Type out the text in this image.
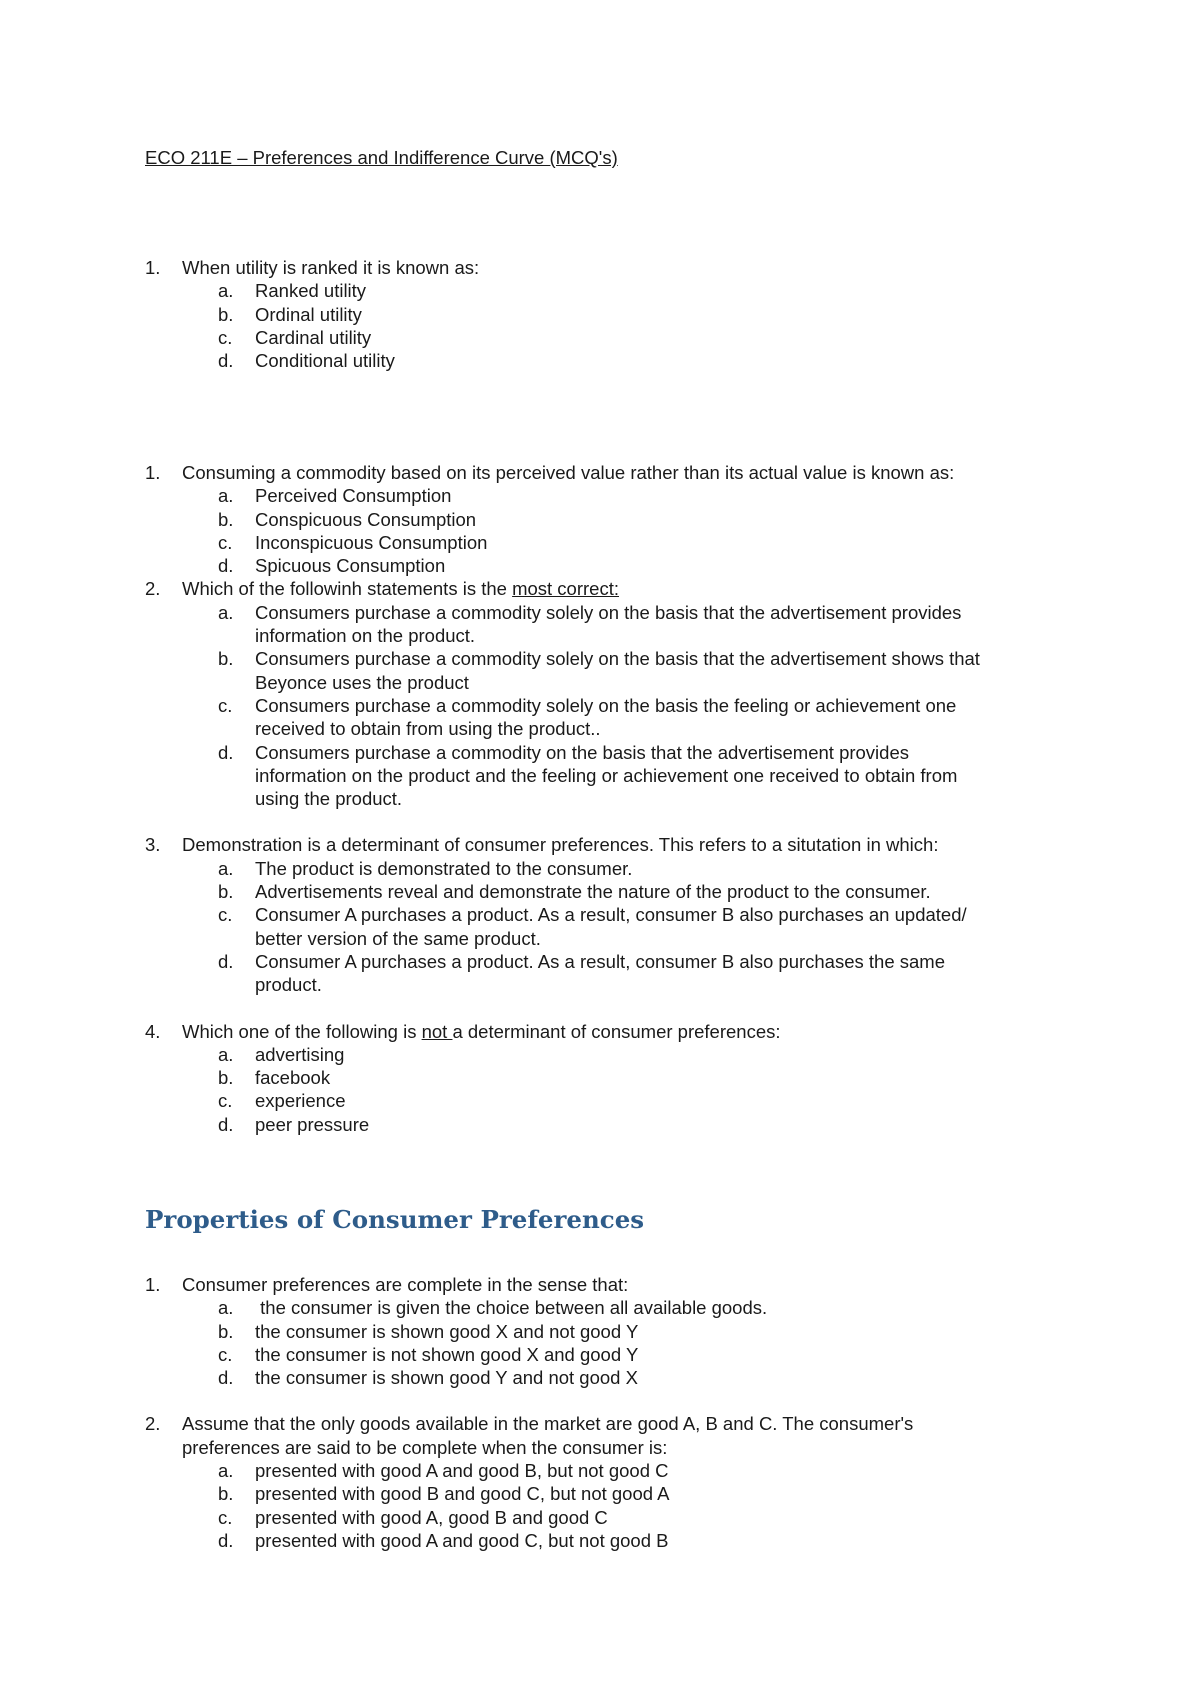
ECO 211E – Preferences and Indifference Curve (MCQ's)
1. When utility is ranked it is known as:
a. Ranked utility
b. Ordinal utility
c. Cardinal utility
d. Conditional utility
1. Consuming a commodity based on its perceived value rather than its actual value is known as:
a. Perceived Consumption
b. Conspicuous Consumption
c. Inconspicuous Consumption
d. Spicuous Consumption
2. Which of the followinh statements is the most correct:
a. Consumers purchase a commodity solely on the basis that the advertisement provides
information on the product.
b. Consumers purchase a commodity solely on the basis that the advertisement shows that
Beyonce uses the product
c. Consumers purchase a commodity solely on the basis the feeling or achievement one
received to obtain from using the product..
d. Consumers purchase a commodity on the basis that the advertisement provides
information on the product and the feeling or achievement one received to obtain from
using the product.
3. Demonstration is a determinant of consumer preferences. This refers to a situtation in which:
a. The product is demonstrated to the consumer.
b. Advertisements reveal and demonstrate the nature of the product to the consumer.
c. Consumer A purchases a product. As a result, consumer B also purchases an updated/
better version of the same product.
d. Consumer A purchases a product. As a result, consumer B also purchases the same
product.
4. Which one of the following is not a determinant of consumer preferences:
a. advertising
b. facebook
c. experience
d. peer pressure
Properties of Consumer Preferences
1. Consumer preferences are complete in the sense that:
a. the consumer is given the choice between all available goods.
b. the consumer is shown good X and not good Y
c. the consumer is not shown good X and good Y
d. the consumer is shown good Y and not good X
2. Assume that the only goods available in the market are good A, B and C. The consumer's
preferences are said to be complete when the consumer is:
a. presented with good A and good B, but not good C
b. presented with good B and good C, but not good A
c. presented with good A, good B and good C
d. presented with good A and good C, but not good B
